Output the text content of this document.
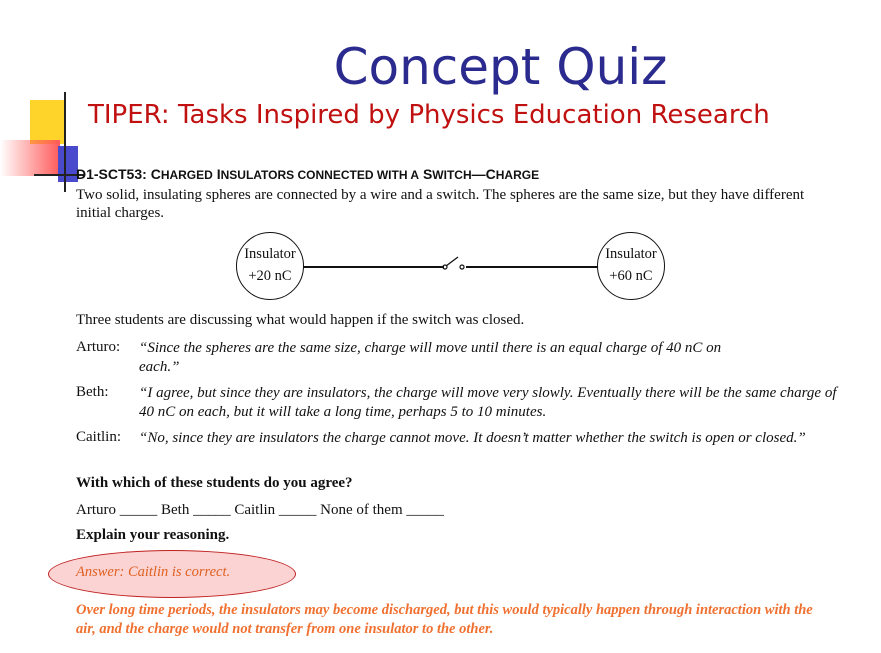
Concept Quiz
TIPER: Tasks Inspired by Physics Education Research
D1-SCT53: CHARGED INSULATORS CONNECTED WITH A SWITCH—CHARGE
Two solid, insulating spheres are connected by a wire and a switch. The spheres are the same size, but they have different initial charges.
Insulator
+20 nC
Insulator
+60 nC
Three students are discussing what would happen if the switch was closed.
Arturo: “Since the spheres are the same size, charge will move until there is an equal charge of 40 nC on each.”
Beth: “I agree, but since they are insulators, the charge will move very slowly. Eventually there will be the same charge of 40 nC on each, but it will take a long time, perhaps 5 to 10 minutes.
Caitlin: “No, since they are insulators the charge cannot move. It doesn’t matter whether the switch is open or closed.”
With which of these students do you agree?
Arturo _____ Beth _____ Caitlin _____ None of them _____
Explain your reasoning.
Answer: Caitlin is correct.
Over long time periods, the insulators may become discharged, but this would typically happen through interaction with the air, and the charge would not transfer from one insulator to the other.
